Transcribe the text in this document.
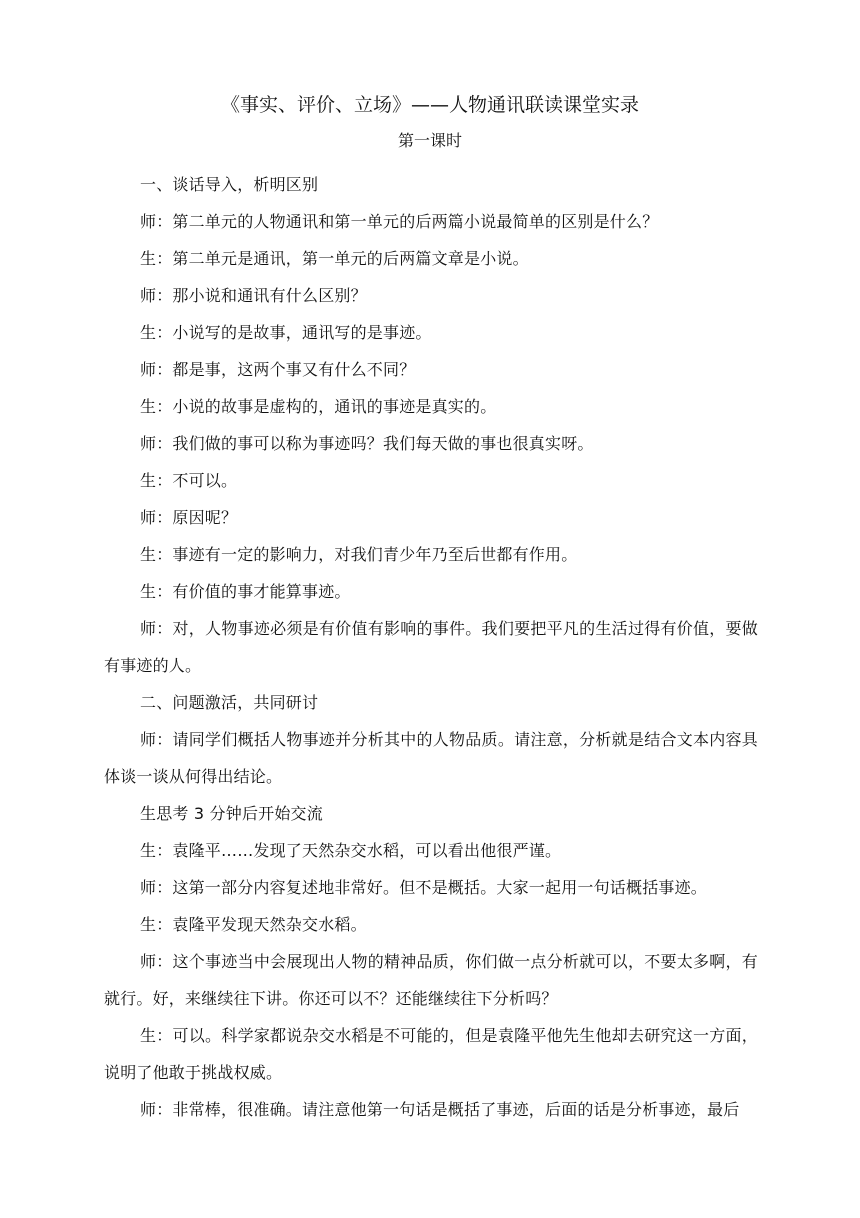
《事实、评价、立场》——人物通讯联读课堂实录
第一课时

一、谈话导入，析明区别

师：第二单元的人物通讯和第一单元的后两篇小说最简单的区别是什么？

生：第二单元是通讯，第一单元的后两篇文章是小说。

师：那小说和通讯有什么区别？

生：小说写的是故事，通讯写的是事迹。

师：都是事，这两个事又有什么不同？

生：小说的故事是虚构的，通讯的事迹是真实的。

师：我们做的事可以称为事迹吗？我们每天做的事也很真实呀。

生：不可以。

师：原因呢？

生：事迹有一定的影响力，对我们青少年乃至后世都有作用。

生：有价值的事才能算事迹。

师：对，人物事迹必须是有价值有影响的事件。我们要把平凡的生活过得有价值，要做有事迹的人。

二、问题激活，共同研讨

师：请同学们概括人物事迹并分析其中的人物品质。请注意，分析就是结合文本内容具体谈一谈从何得出结论。

生思考 3 分钟后开始交流

生：袁隆平……发现了天然杂交水稻，可以看出他很严谨。

师：这第一部分内容复述地非常好。但不是概括。大家一起用一句话概括事迹。

生：袁隆平发现天然杂交水稻。

师：这个事迹当中会展现出人物的精神品质，你们做一点分析就可以，不要太多啊，有就行。好，来继续往下讲。你还可以不？还能继续往下分析吗？

生：可以。科学家都说杂交水稻是不可能的，但是袁隆平他先生他却去研究这一方面，说明了他敢于挑战权威。

师：非常棒，很准确。请注意他第一句话是概括了事迹，后面的话是分析事迹，最后
